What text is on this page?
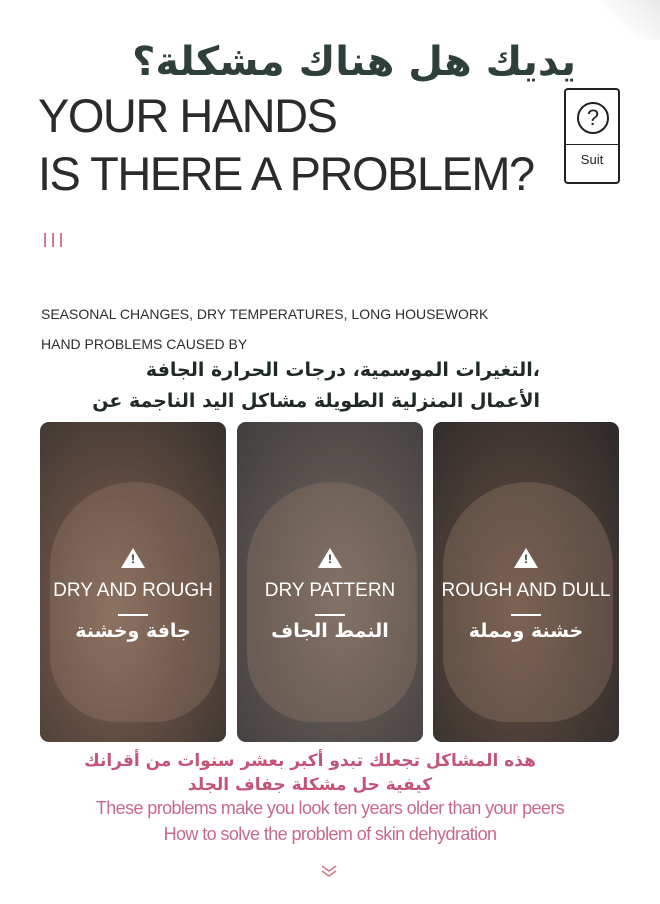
يديك هل هناك مشكلة؟
YOUR HANDS
IS THERE A PROBLEM?
?
Suit
SEASONAL CHANGES, DRY TEMPERATURES, LONG HOUSEWORK
HAND PROBLEMS CAUSED BY
،التغيرات الموسمية، درجات الحرارة الجافة
الأعمال المنزلية الطويلة مشاكل اليد الناجمة عن
!
DRY AND ROUGH
جافة وخشنة
!
DRY PATTERN
النمط الجاف
!
ROUGH AND DULL
خشنة ومملة
هذه المشاكل تجعلك تبدو أكبر بعشر سنوات من أقرانك
كيفية حل مشكلة جفاف الجلد
These problems make you look ten years older than your peers
How to solve the problem of skin dehydration
